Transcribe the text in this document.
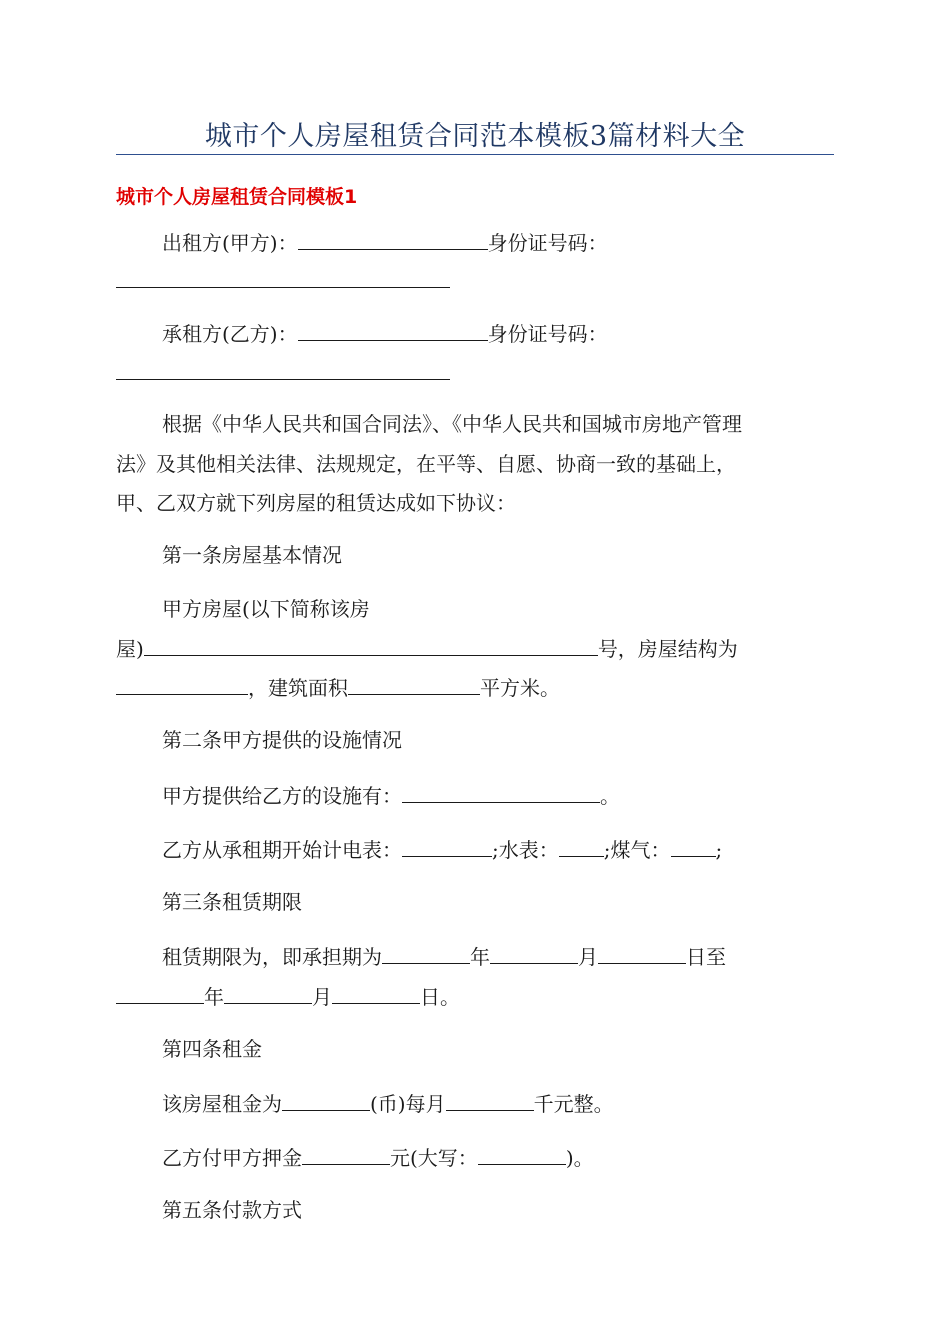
城市个人房屋租赁合同范本模板3篇材料大全
城市个人房屋租赁合同模板1
出租方(甲方)：	身份证号码：
承租方(乙方)：	身份证号码：
根据《中华人民共和国合同法》、《中华人民共和国城市房地产管理
法》及其他相关法律、法规规定，在平等、自愿、协商一致的基础上，
甲、乙双方就下列房屋的租赁达成如下协议：
第一条房屋基本情况
甲方房屋(以下简称该房
屋)	号，房屋结构为
，建筑面积	平方米。
第二条甲方提供的设施情况
甲方提供给乙方的设施有：	。
乙方从承租期开始计电表：	;水表： ;煤气： ;
第三条租赁期限
租赁期限为，即承担期为	年	月	日至
年	月	日。
第四条租金
该房屋租金为	(币)每月	千元整。
乙方付甲方押金	元(大写：	)。
第五条付款方式
